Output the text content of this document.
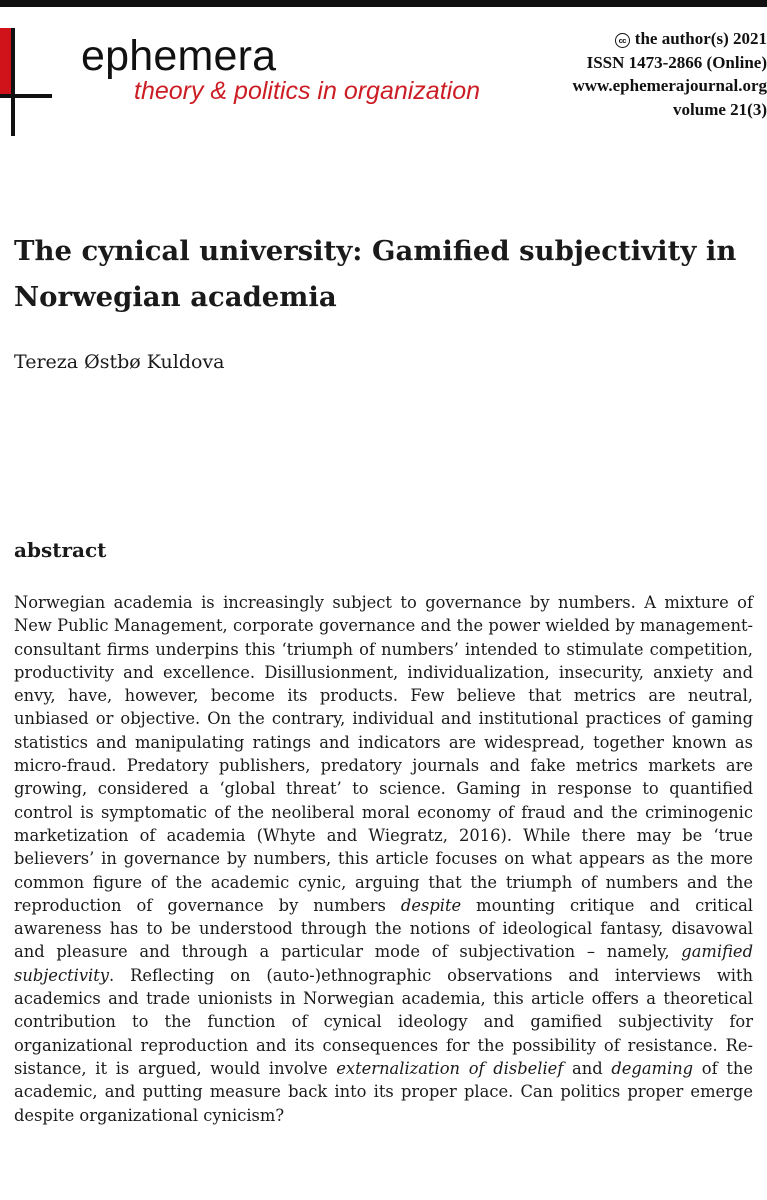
ephemera
theory & politics in organization
cc the author(s) 2021
ISSN 1473-2866 (Online)
www.ephemerajournal.org
volume 21(3)
The cynical university: Gamified subjectivity in Norwegian academia
Tereza Østbø Kuldova
abstract

Norwegian academia is increasingly subject to governance by numbers. A mixture of New Public Management, corporate governance and the power wielded by management-consultant firms underpins this ‘triumph of numbers’ intended to stimulate competition, productivity and excellence. Disillusionment, individualization, insecurity, anxiety and envy, have, however, become its products. Few believe that metrics are neutral, unbiased or objective. On the contrary, individual and institutional practices of gaming statistics and manipulating ratings and indicators are widespread, together known as micro-fraud. Predatory publishers, predatory journals and fake metrics markets are growing, considered a ‘global threat’ to science. Gaming in response to quantified control is symptomatic of the neoliberal moral economy of fraud and the criminogenic marketization of academia (Whyte and Wiegratz, 2016). While there may be ‘true believers’ in governance by numbers, this article focuses on what appears as the more common figure of the academic cynic, arguing that the triumph of numbers and the reproduction of governance by numbers despite mounting critique and critical awareness has to be understood through the notions of ideological fantasy, disavowal and pleasure and through a particular mode of subjectivation – namely, gamified subjectivity. Reflecting on (auto-)ethnographic observations and interviews with academics and trade unionists in Norwegian academia, this article offers a theoretical contribution to the function of cynical ideology and gamified subjectivity for organizational reproduction and its consequences for the possibility of resistance. Resistance, it is argued, would involve externalization of disbelief and degaming of the academic, and putting measure back into its proper place. Can politics proper emerge despite organizational cynicism?
